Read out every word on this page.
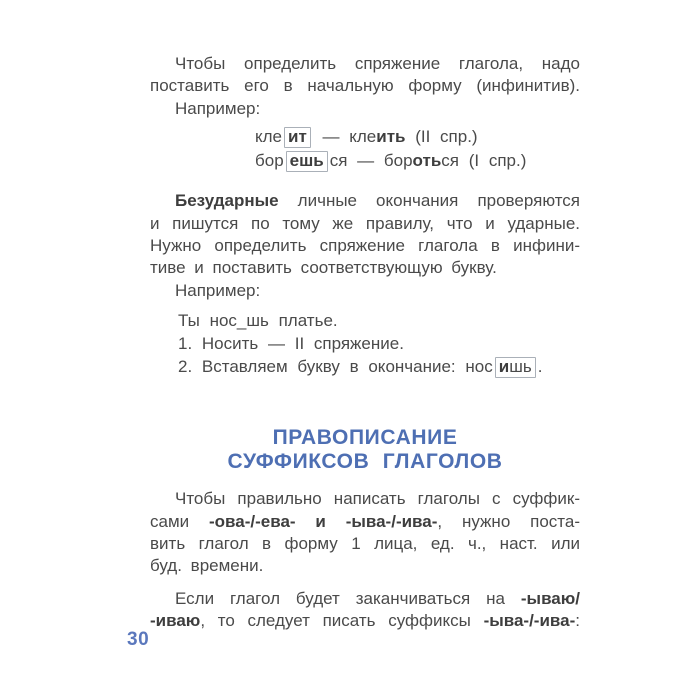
Чтобы определить спряжение глагола, надо
поставить его в начальную форму (инфинитив).
Например:
кле ит — клеить (II спр.)
бор ешь ся — бороться (I спр.)
Безударные личные окончания проверяются
и пишутся по тому же правилу, что и ударные.
Нужно определить спряжение глагола в инфини-
тиве и поставить соответствующую букву.
Например:
Ты нос_шь платье.
1. Носить — II спряжение.
2. Вставляем букву в окончание: нос ишь .
ПРАВОПИСАНИЕ
СУФФИКСОВ ГЛАГОЛОВ
Чтобы правильно написать глаголы с суффик-
сами -ова-/-ева- и -ыва-/-ива-, нужно поста-
вить глагол в форму 1 лица, ед. ч., наст. или
буд. времени.
Если глагол будет заканчиваться на -ываю/
-иваю, то следует писать суффиксы -ыва-/-ива-:
30
